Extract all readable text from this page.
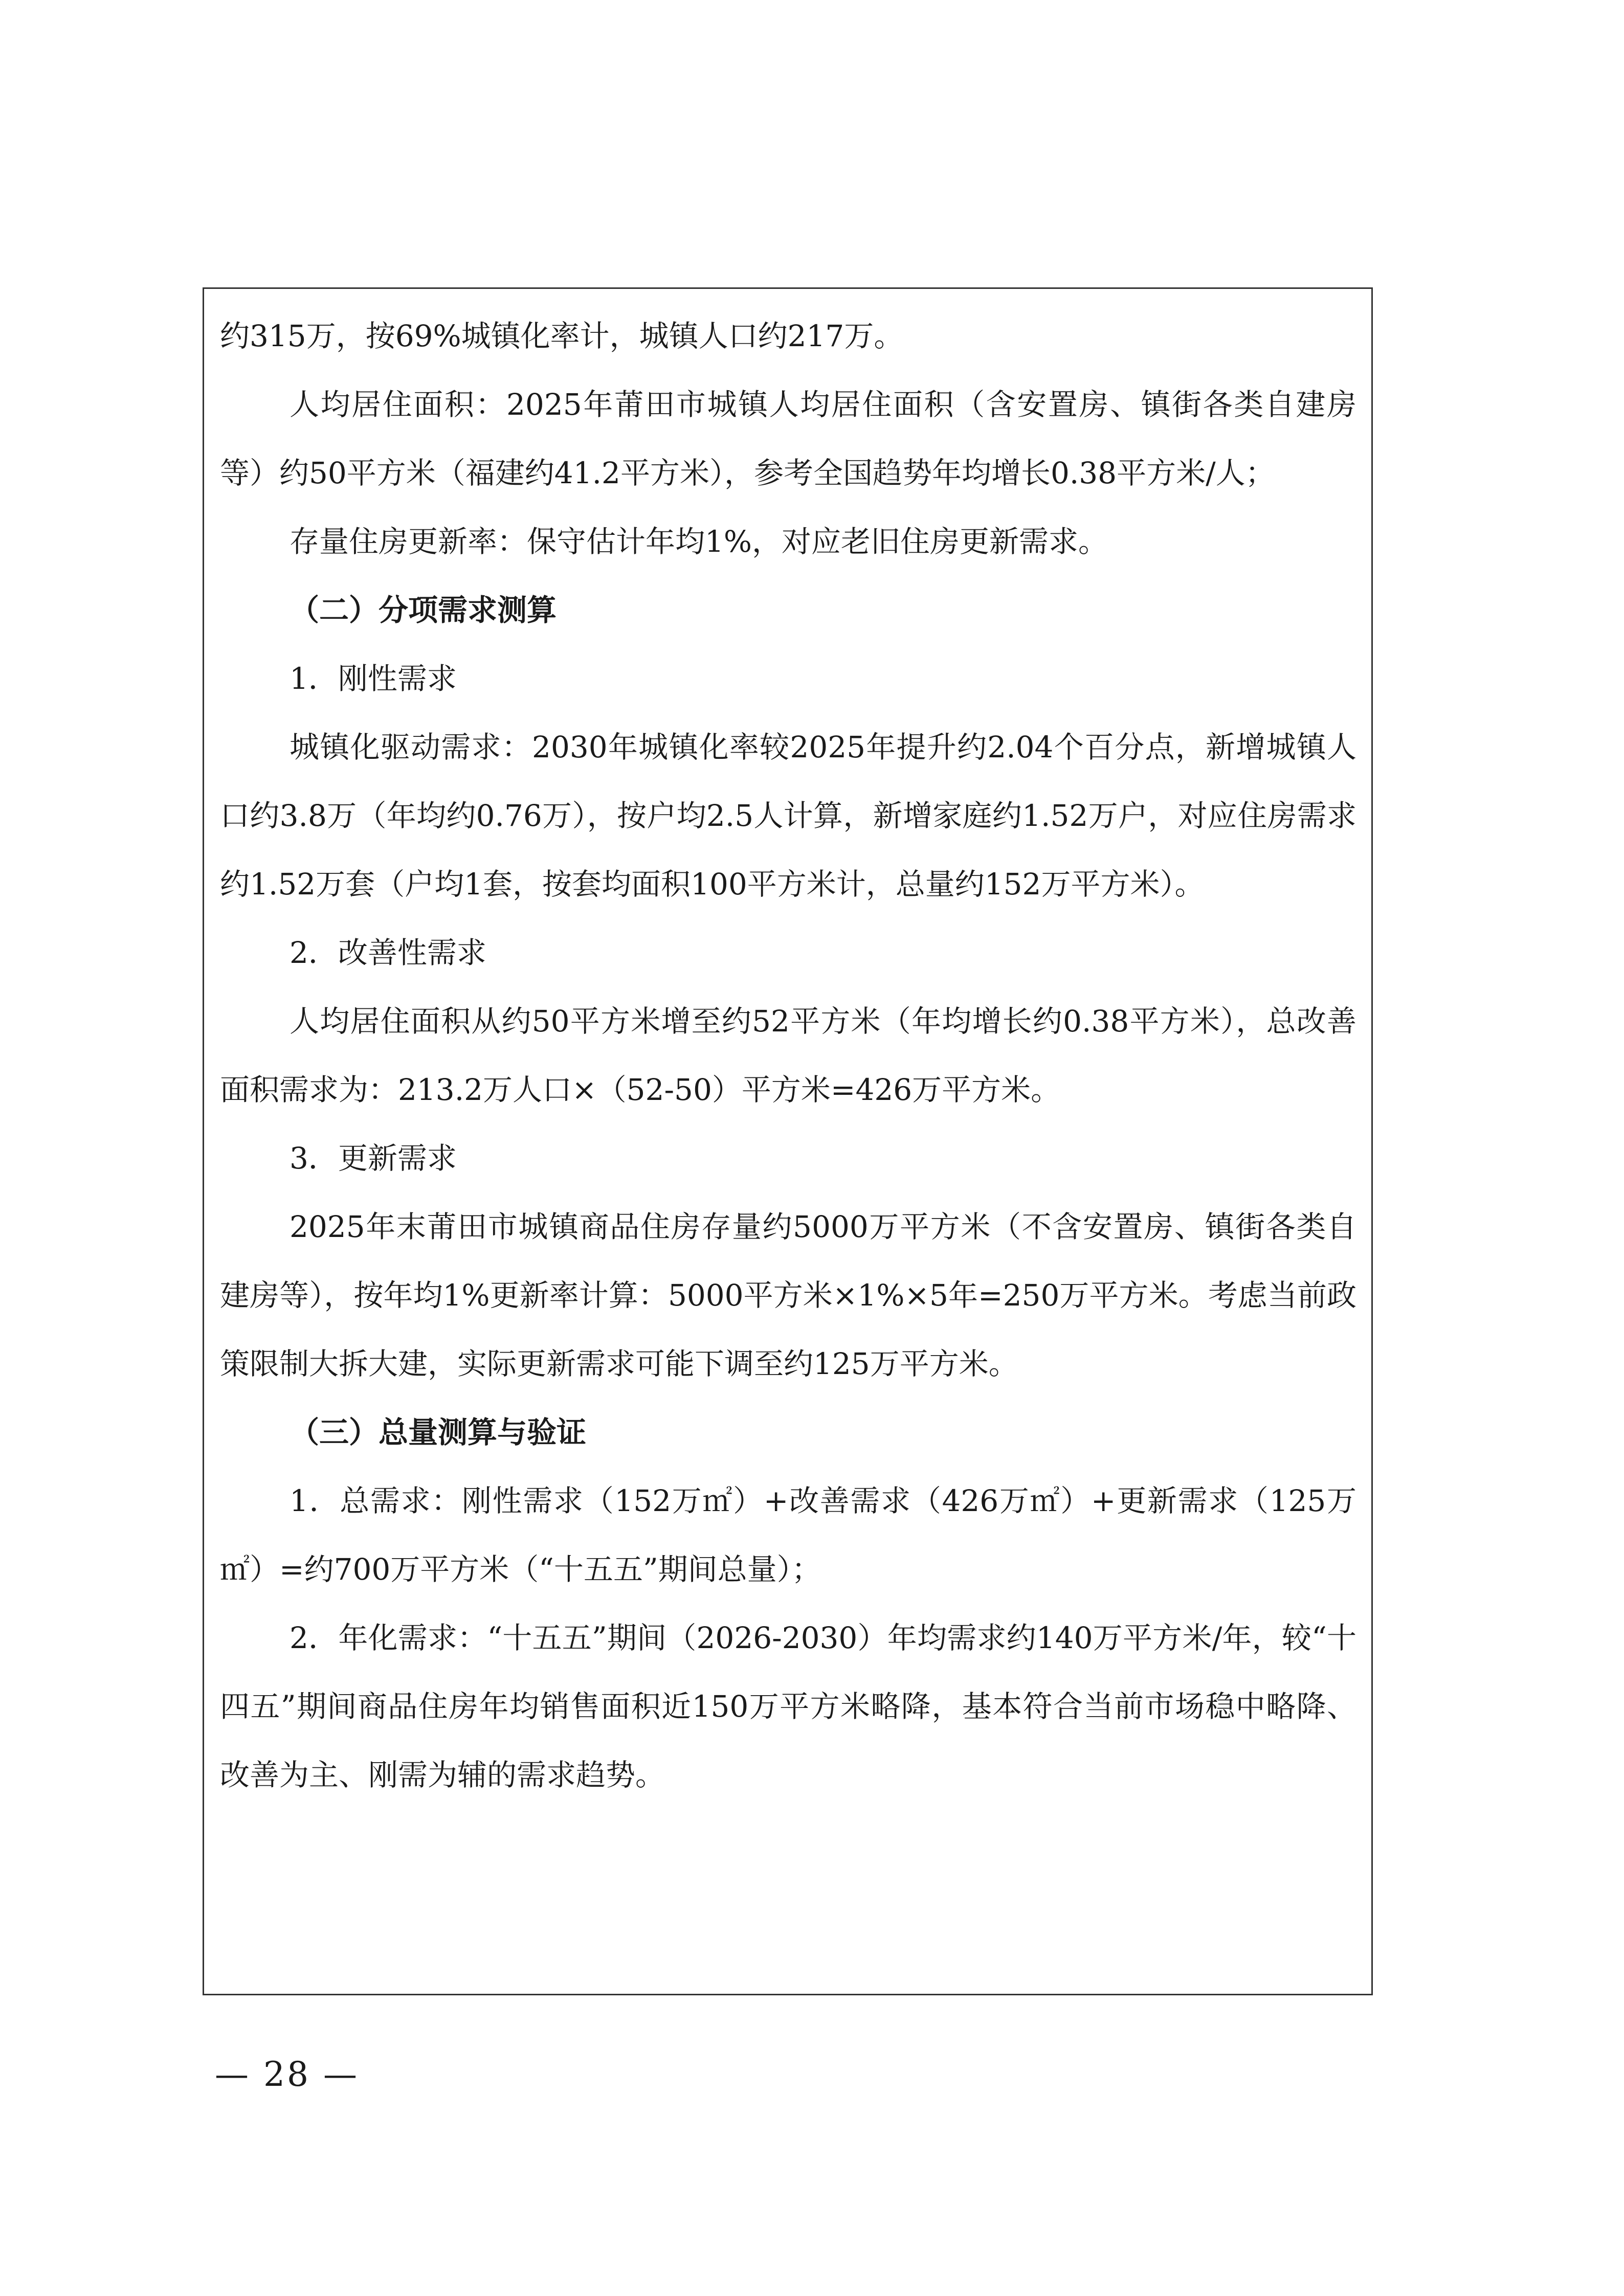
约315万，按69%城镇化率计，城镇人口约217万。

人均居住面积：2025年莆田市城镇人均居住面积（含安置房、镇街各类自建房等）约50平方米（福建约41.2平方米），参考全国趋势年均增长0.38平方米/人；

存量住房更新率：保守估计年均1%，对应老旧住房更新需求。

（二）分项需求测算

1．刚性需求

城镇化驱动需求：2030年城镇化率较2025年提升约2.04个百分点，新增城镇人口约3.8万（年均约0.76万），按户均2.5人计算，新增家庭约1.52万户，对应住房需求约1.52万套（户均1套，按套均面积100平方米计，总量约152万平方米）。

2．改善性需求

人均居住面积从约50平方米增至约52平方米（年均增长约0.38平方米），总改善面积需求为：213.2万人口×（52-50）平方米=426万平方米。

3．更新需求

2025年末莆田市城镇商品住房存量约5000万平方米（不含安置房、镇街各类自建房等），按年均1%更新率计算：5000平方米×1%×5年=250万平方米。考虑当前政策限制大拆大建，实际更新需求可能下调至约125万平方米。

（三）总量测算与验证

1．总需求：刚性需求（152万㎡）+改善需求（426万㎡）+更新需求（125万㎡）=约700万平方米（“十五五”期间总量）；

2．年化需求：“十五五”期间（2026-2030）年均需求约140万平方米/年，较“十四五”期间商品住房年均销售面积近150万平方米略降，基本符合当前市场稳中略降、改善为主、刚需为辅的需求趋势。

— 28 —
